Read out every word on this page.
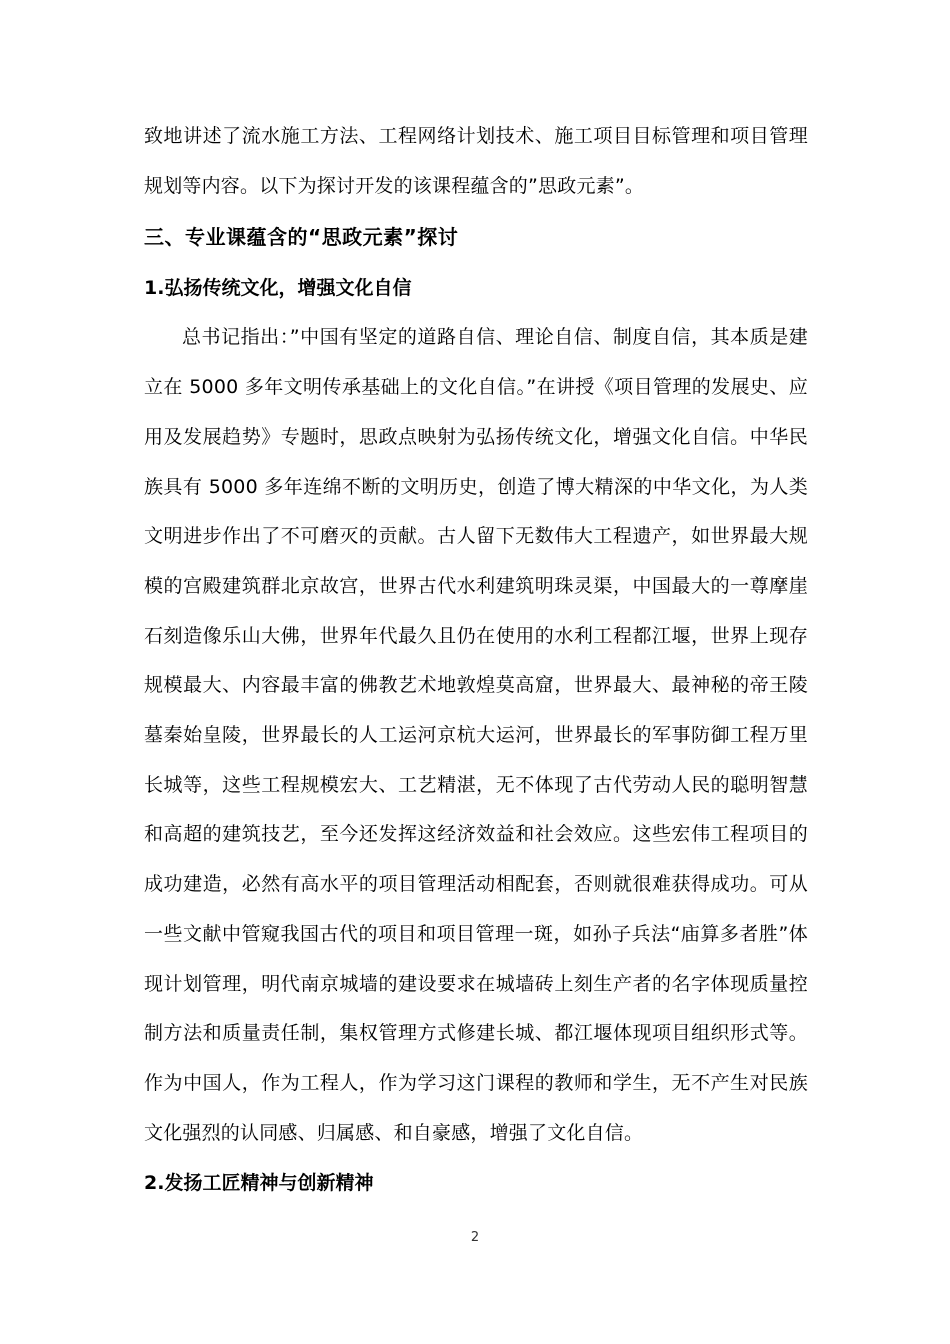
致地讲述了流水施工方法、工程网络计划技术、施工项目目标管理和项目管理规划等内容。以下为探讨开发的该课程蕴含的”思政元素”。

三、专业课蕴含的“思政元素”探讨

1.弘扬传统文化，增强文化自信

总书记指出：”中国有坚定的道路自信、理论自信、制度自信，其本质是建立在 5000 多年文明传承基础上的文化自信。”在讲授《项目管理的发展史、应用及发展趋势》专题时，思政点映射为弘扬传统文化，增强文化自信。中华民族具有 5000 多年连绵不断的文明历史，创造了博大精深的中华文化，为人类文明进步作出了不可磨灭的贡献。古人留下无数伟大工程遗产，如世界最大规模的宫殿建筑群北京故宫，世界古代水利建筑明珠灵渠，中国最大的一尊摩崖石刻造像乐山大佛，世界年代最久且仍在使用的水利工程都江堰，世界上现存规模最大、内容最丰富的佛教艺术地敦煌莫高窟，世界最大、最神秘的帝王陵墓秦始皇陵，世界最长的人工运河京杭大运河，世界最长的军事防御工程万里长城等，这些工程规模宏大、工艺精湛，无不体现了古代劳动人民的聪明智慧和高超的建筑技艺，至今还发挥这经济效益和社会效应。这些宏伟工程项目的成功建造，必然有高水平的项目管理活动相配套，否则就很难获得成功。可从一些文献中管窥我国古代的项目和项目管理一斑，如孙子兵法“庙算多者胜”体现计划管理，明代南京城墙的建设要求在城墙砖上刻生产者的名字体现质量控制方法和质量责任制，集权管理方式修建长城、都江堰体现项目组织形式等。作为中国人，作为工程人，作为学习这门课程的教师和学生，无不产生对民族文化强烈的认同感、归属感、和自豪感，增强了文化自信。

2.发扬工匠精神与创新精神

2
